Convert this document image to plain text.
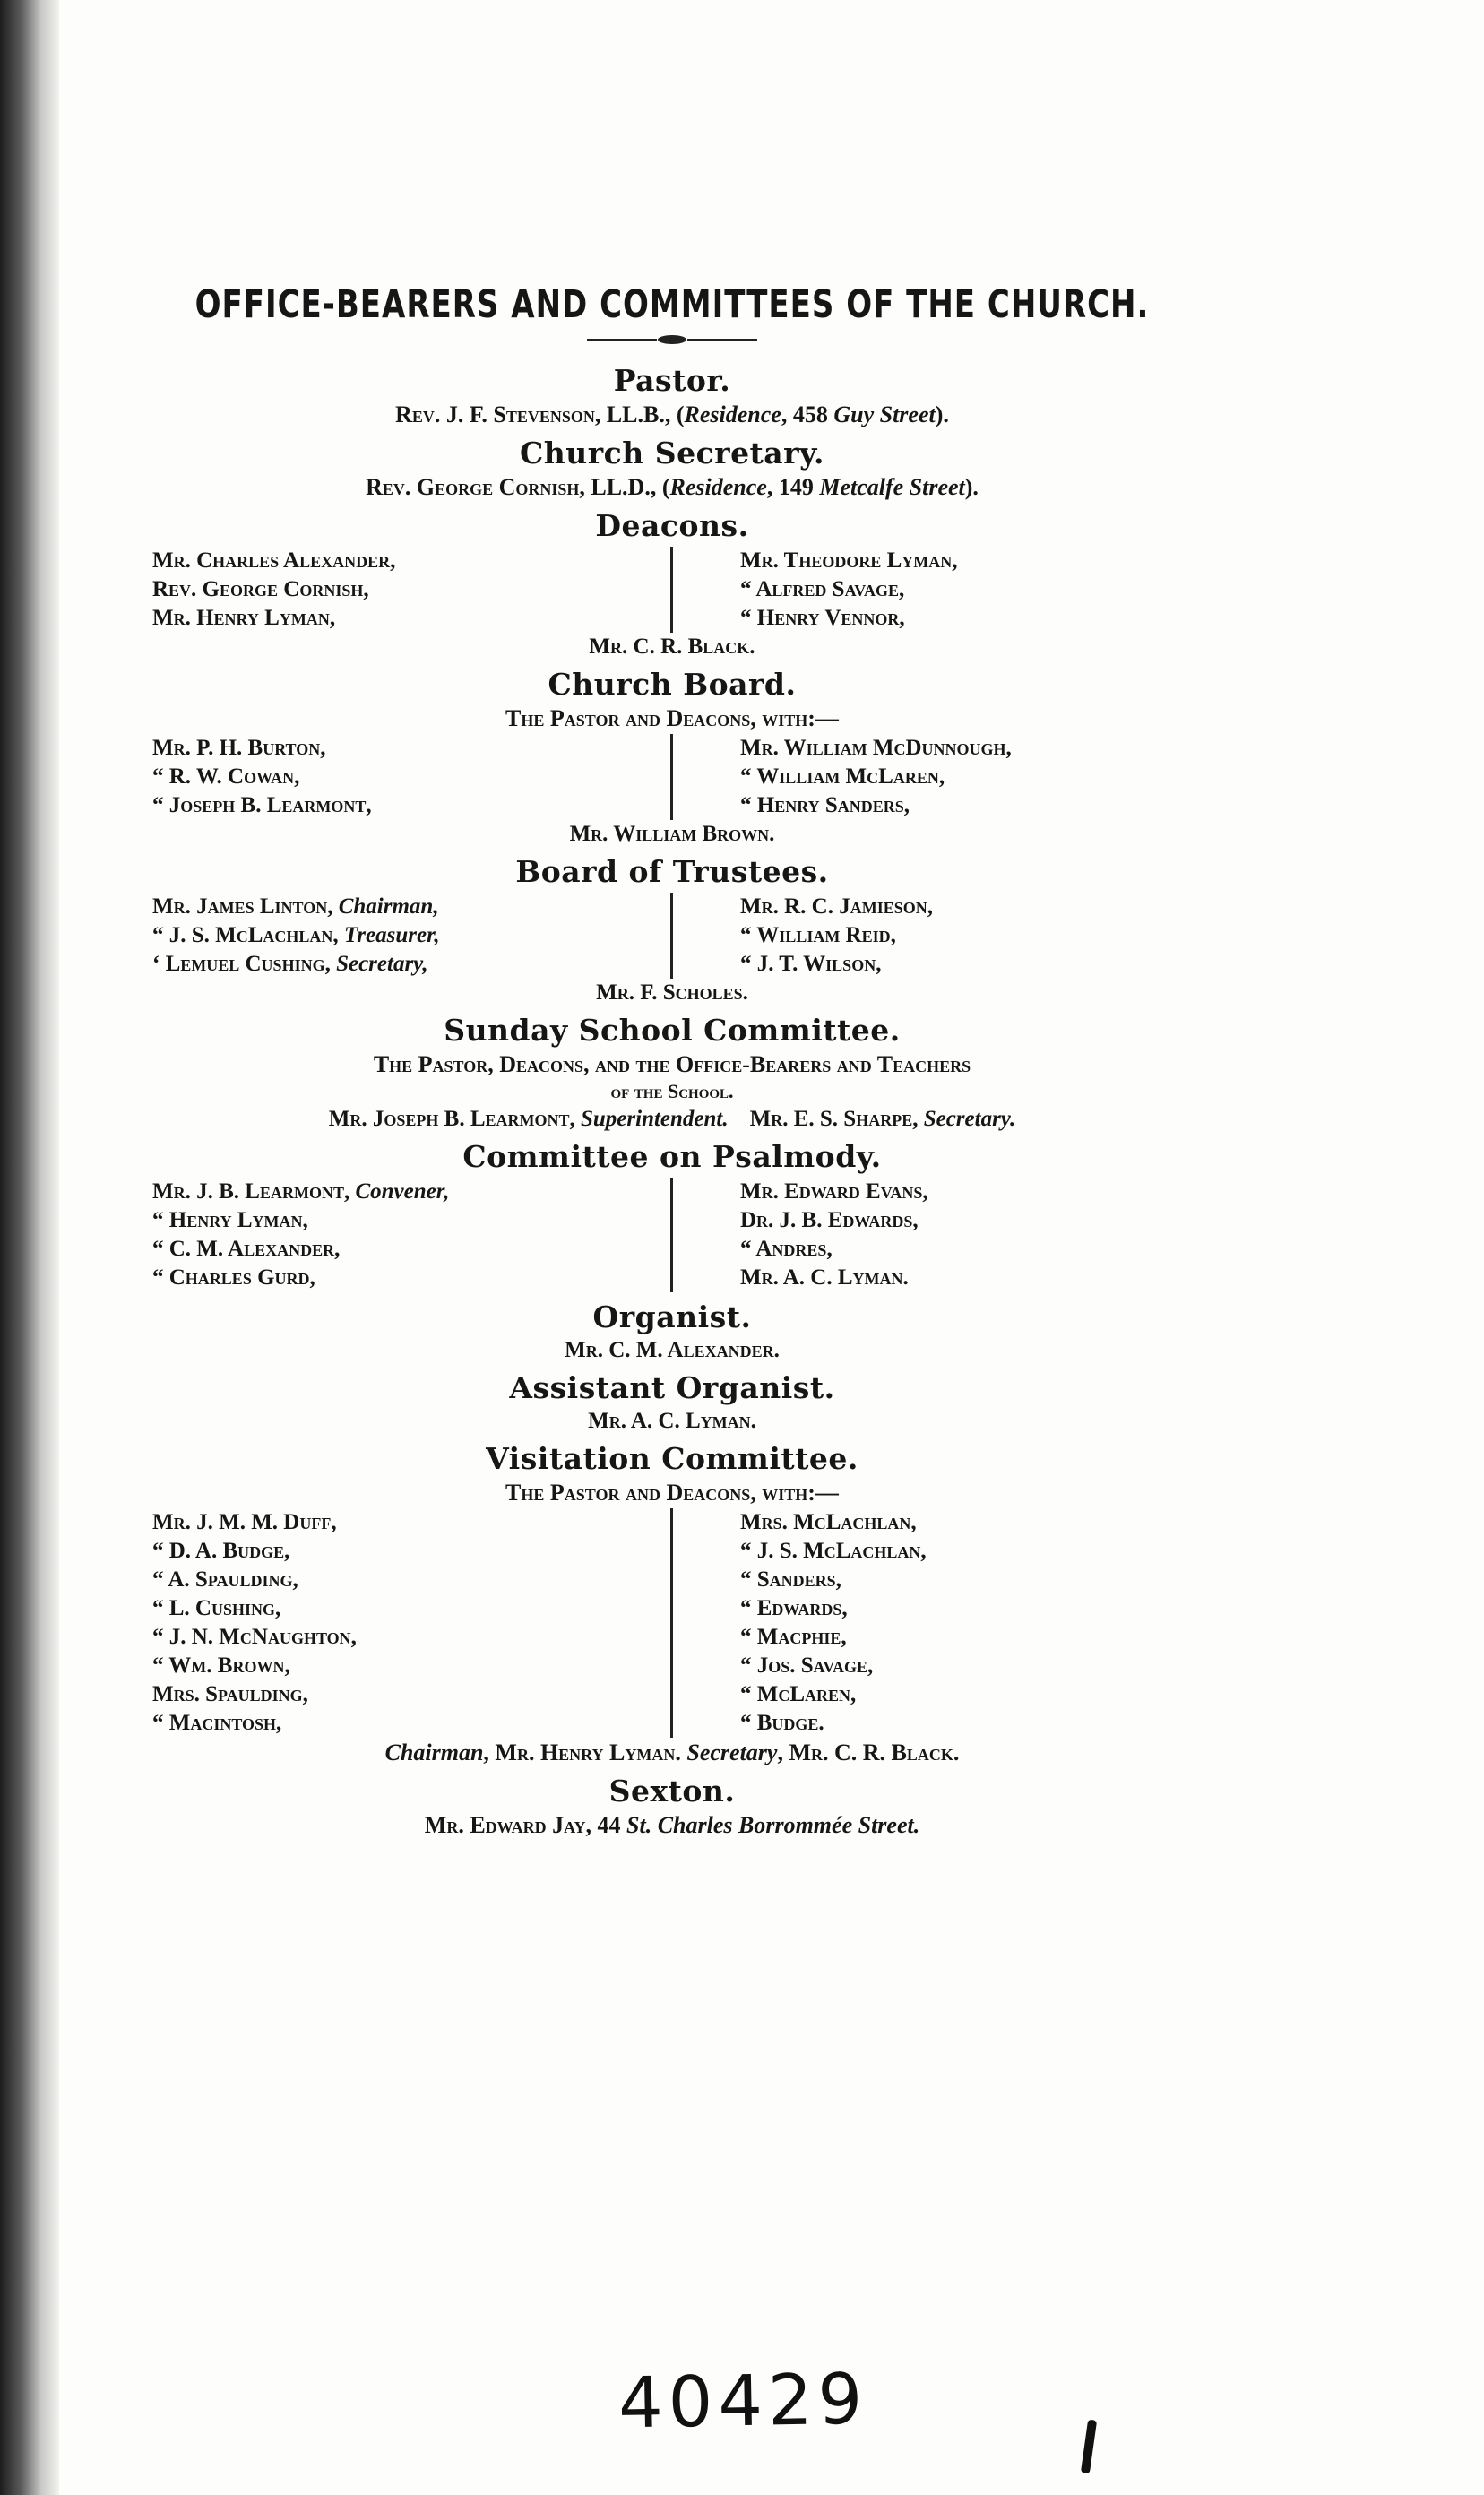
OFFICE-BEARERS AND COMMITTEES OF THE CHURCH.
Pastor.
Rev. J. F. Stevenson, LL.B., (Residence, 458 Guy Street).
Church Secretary.
Rev. George Cornish, LL.D., (Residence, 149 Metcalfe Street).
Deacons.
Mr. Charles Alexander,
Rev. George Cornish,
Mr. Henry Lyman,
Mr. Theodore Lyman,
“ Alfred Savage,
“ Henry Vennor,
Mr. C. R. Black.
Church Board.
The Pastor and Deacons, with:—
Mr. P. H. Burton,
“ R. W. Cowan,
“ Joseph B. Learmont,
Mr. William McDunnough,
“ William McLaren,
“ Henry Sanders,
Mr. William Brown.
Board of Trustees.
Mr. James Linton, Chairman,
“ J. S. McLachlan, Treasurer,
‘ Lemuel Cushing, Secretary,
Mr. R. C. Jamieson,
“ William Reid,
“ J. T. Wilson,
Mr. F. Scholes.
Sunday School Committee.
The Pastor, Deacons, and the Office-Bearers and Teachers
of the School.
Mr. Joseph B. Learmont, Superintendent. Mr. E. S. Sharpe, Secretary.
Committee on Psalmody.
Mr. J. B. Learmont, Convener,
“ Henry Lyman,
“ C. M. Alexander,
“ Charles Gurd,
Mr. Edward Evans,
Dr. J. B. Edwards,
“ Andres,
Mr. A. C. Lyman.
Organist.
Mr. C. M. Alexander.
Assistant Organist.
Mr. A. C. Lyman.
Visitation Committee.
The Pastor and Deacons, with:—
Mr. J. M. M. Duff,
“ D. A. Budge,
“ A. Spaulding,
“ L. Cushing,
“ J. N. McNaughton,
“ Wm. Brown,
Mrs. Spaulding,
“ Macintosh,
Mrs. McLachlan,
“ J. S. McLachlan,
“ Sanders,
“ Edwards,
“ Macphie,
“ Jos. Savage,
“ McLaren,
“ Budge.
Chairman, Mr. Henry Lyman. Secretary, Mr. C. R. Black.
Sexton.
Mr. Edward Jay, 44 St. Charles Borrommée Street.
40429
